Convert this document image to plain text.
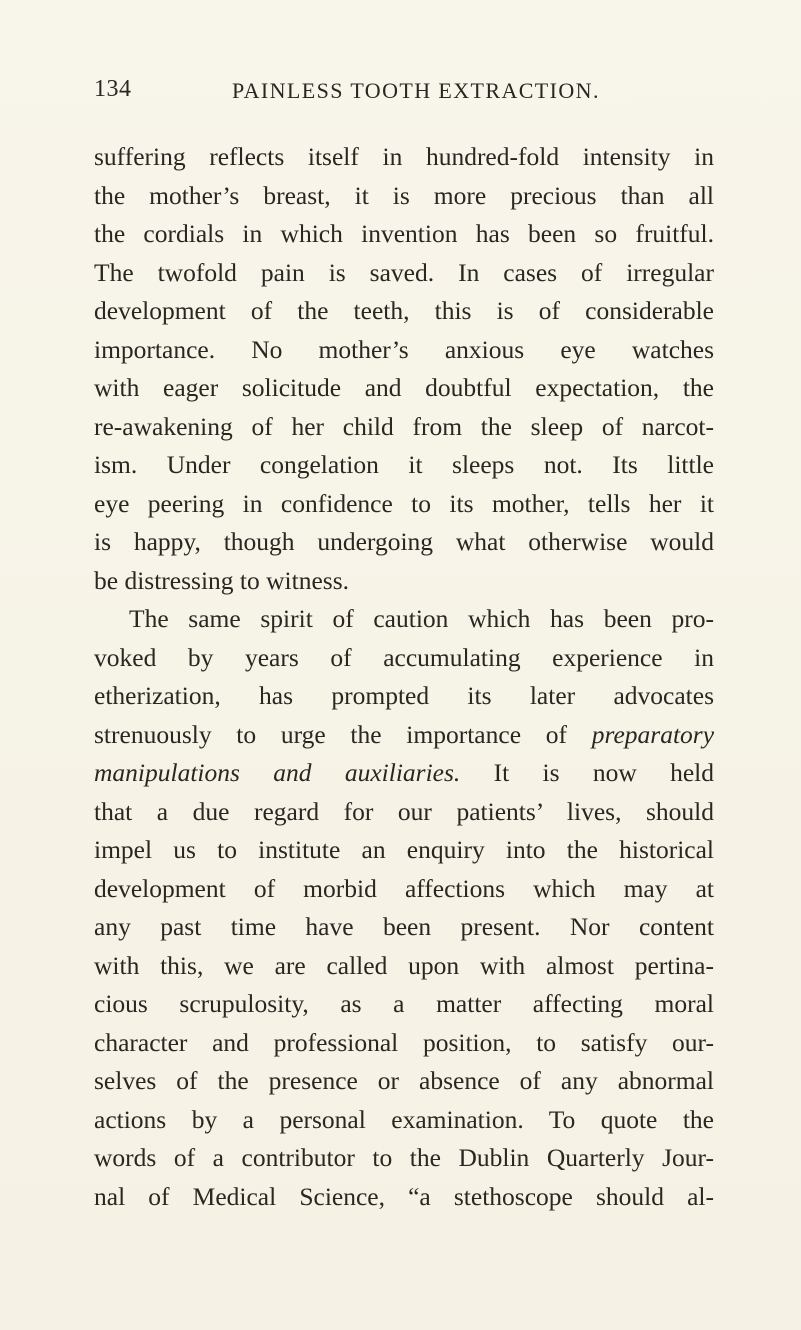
134	PAINLESS TOOTH EXTRACTION.
suffering reflects itself in hundred-fold intensity in
the mother’s breast, it is more precious than all
the cordials in which invention has been so fruitful.
The twofold pain is saved. In cases of irregular
development of the teeth, this is of considerable
importance. No mother’s anxious eye watches
with eager solicitude and doubtful expectation, the
re-awakening of her child from the sleep of narcot-
ism. Under congelation it sleeps not. Its little
eye peering in confidence to its mother, tells her it
is happy, though undergoing what otherwise would
be distressing to witness.
The same spirit of caution which has been pro-
voked by years of accumulating experience in
etherization, has prompted its later advocates
strenuously to urge the importance of preparatory
manipulations and auxiliaries. It is now held
that a due regard for our patients’ lives, should
impel us to institute an enquiry into the historical
development of morbid affections which may at
any past time have been present. Nor content
with this, we are called upon with almost pertina-
cious scrupulosity, as a matter affecting moral
character and professional position, to satisfy our-
selves of the presence or absence of any abnormal
actions by a personal examination. To quote the
words of a contributor to the Dublin Quarterly Jour-
nal of Medical Science, “a stethoscope should al-
